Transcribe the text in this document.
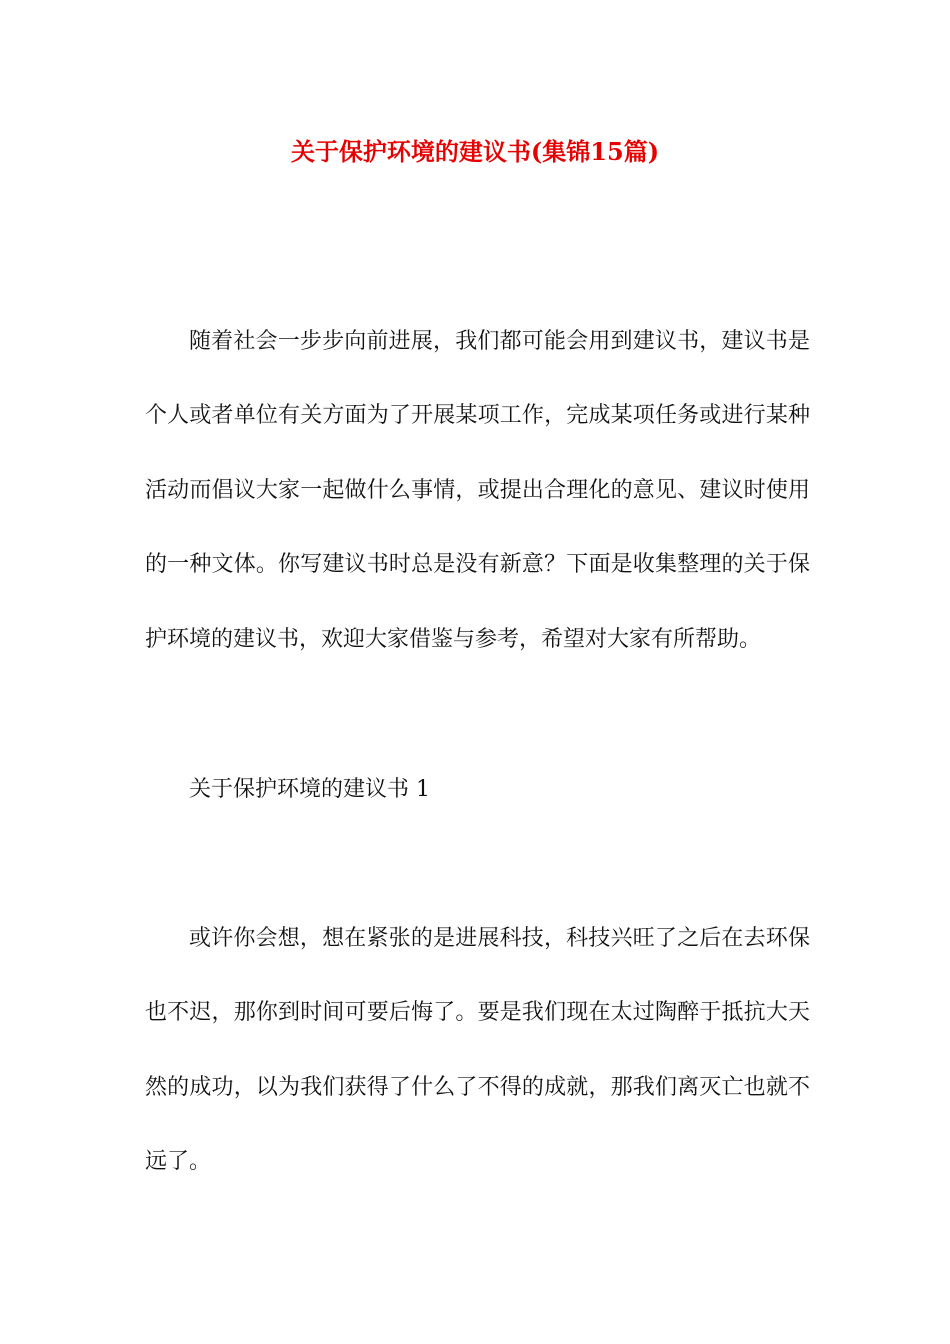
关于保护环境的建议书(集锦15篇)

随着社会一步步向前进展，我们都可能会用到建议书，建议书是个人或者单位有关方面为了开展某项工作，完成某项任务或进行某种活动而倡议大家一起做什么事情，或提出合理化的意见、建议时使用的一种文体。你写建议书时总是没有新意？下面是收集整理的关于保护环境的建议书，欢迎大家借鉴与参考，希望对大家有所帮助。

关于保护环境的建议书 1

或许你会想，想在紧张的是进展科技，科技兴旺了之后在去环保也不迟，那你到时间可要后悔了。要是我们现在太过陶醉于抵抗大天然的成功，以为我们获得了什么了不得的成就，那我们离灭亡也就不远了。
